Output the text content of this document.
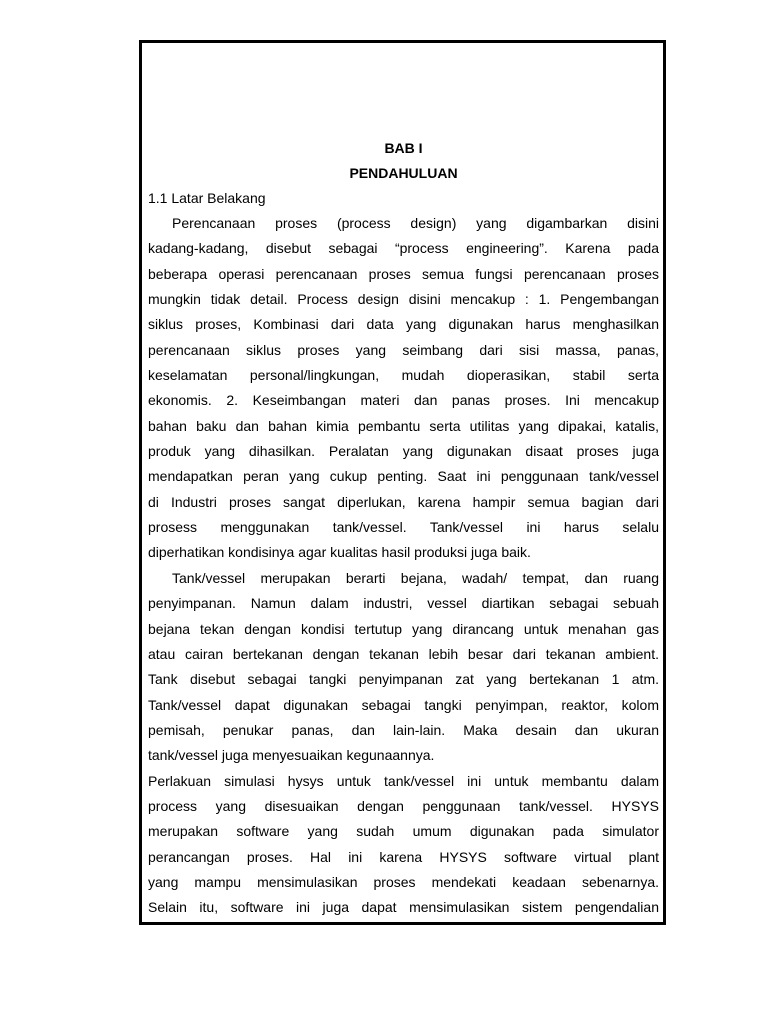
BAB I
PENDAHULUAN
1.1 Latar Belakang
Perencanaan proses (process design) yang digambarkan disini
kadang-kadang, disebut sebagai “process engineering”. Karena pada
beberapa operasi perencanaan proses semua fungsi perencanaan proses
mungkin tidak detail. Process design disini mencakup : 1. Pengembangan
siklus proses, Kombinasi dari data yang digunakan harus menghasilkan
perencanaan siklus proses yang seimbang dari sisi massa, panas,
keselamatan personal/lingkungan, mudah dioperasikan, stabil serta
ekonomis. 2. Keseimbangan materi dan panas proses. Ini mencakup
bahan baku dan bahan kimia pembantu serta utilitas yang dipakai, katalis,
produk yang dihasilkan. Peralatan yang digunakan disaat proses juga
mendapatkan peran yang cukup penting. Saat ini penggunaan tank/vessel
di Industri proses sangat diperlukan, karena hampir semua bagian dari
prosess menggunakan tank/vessel. Tank/vessel ini harus selalu
diperhatikan kondisinya agar kualitas hasil produksi juga baik.
Tank/vessel merupakan berarti bejana, wadah/ tempat, dan ruang
penyimpanan. Namun dalam industri, vessel diartikan sebagai sebuah
bejana tekan dengan kondisi tertutup yang dirancang untuk menahan gas
atau cairan bertekanan dengan tekanan lebih besar dari tekanan ambient.
Tank disebut sebagai tangki penyimpanan zat yang bertekanan 1 atm.
Tank/vessel dapat digunakan sebagai tangki penyimpan, reaktor, kolom
pemisah, penukar panas, dan lain-lain. Maka desain dan ukuran
tank/vessel juga menyesuaikan kegunaannya.
Perlakuan simulasi hysys untuk tank/vessel ini untuk membantu dalam
process yang disesuaikan dengan penggunaan tank/vessel. HYSYS
merupakan software yang sudah umum digunakan pada simulator
perancangan proses. Hal ini karena HYSYS software virtual plant
yang mampu mensimulasikan proses mendekati keadaan sebenarnya.
Selain itu, software ini juga dapat mensimulasikan sistem pengendalian
